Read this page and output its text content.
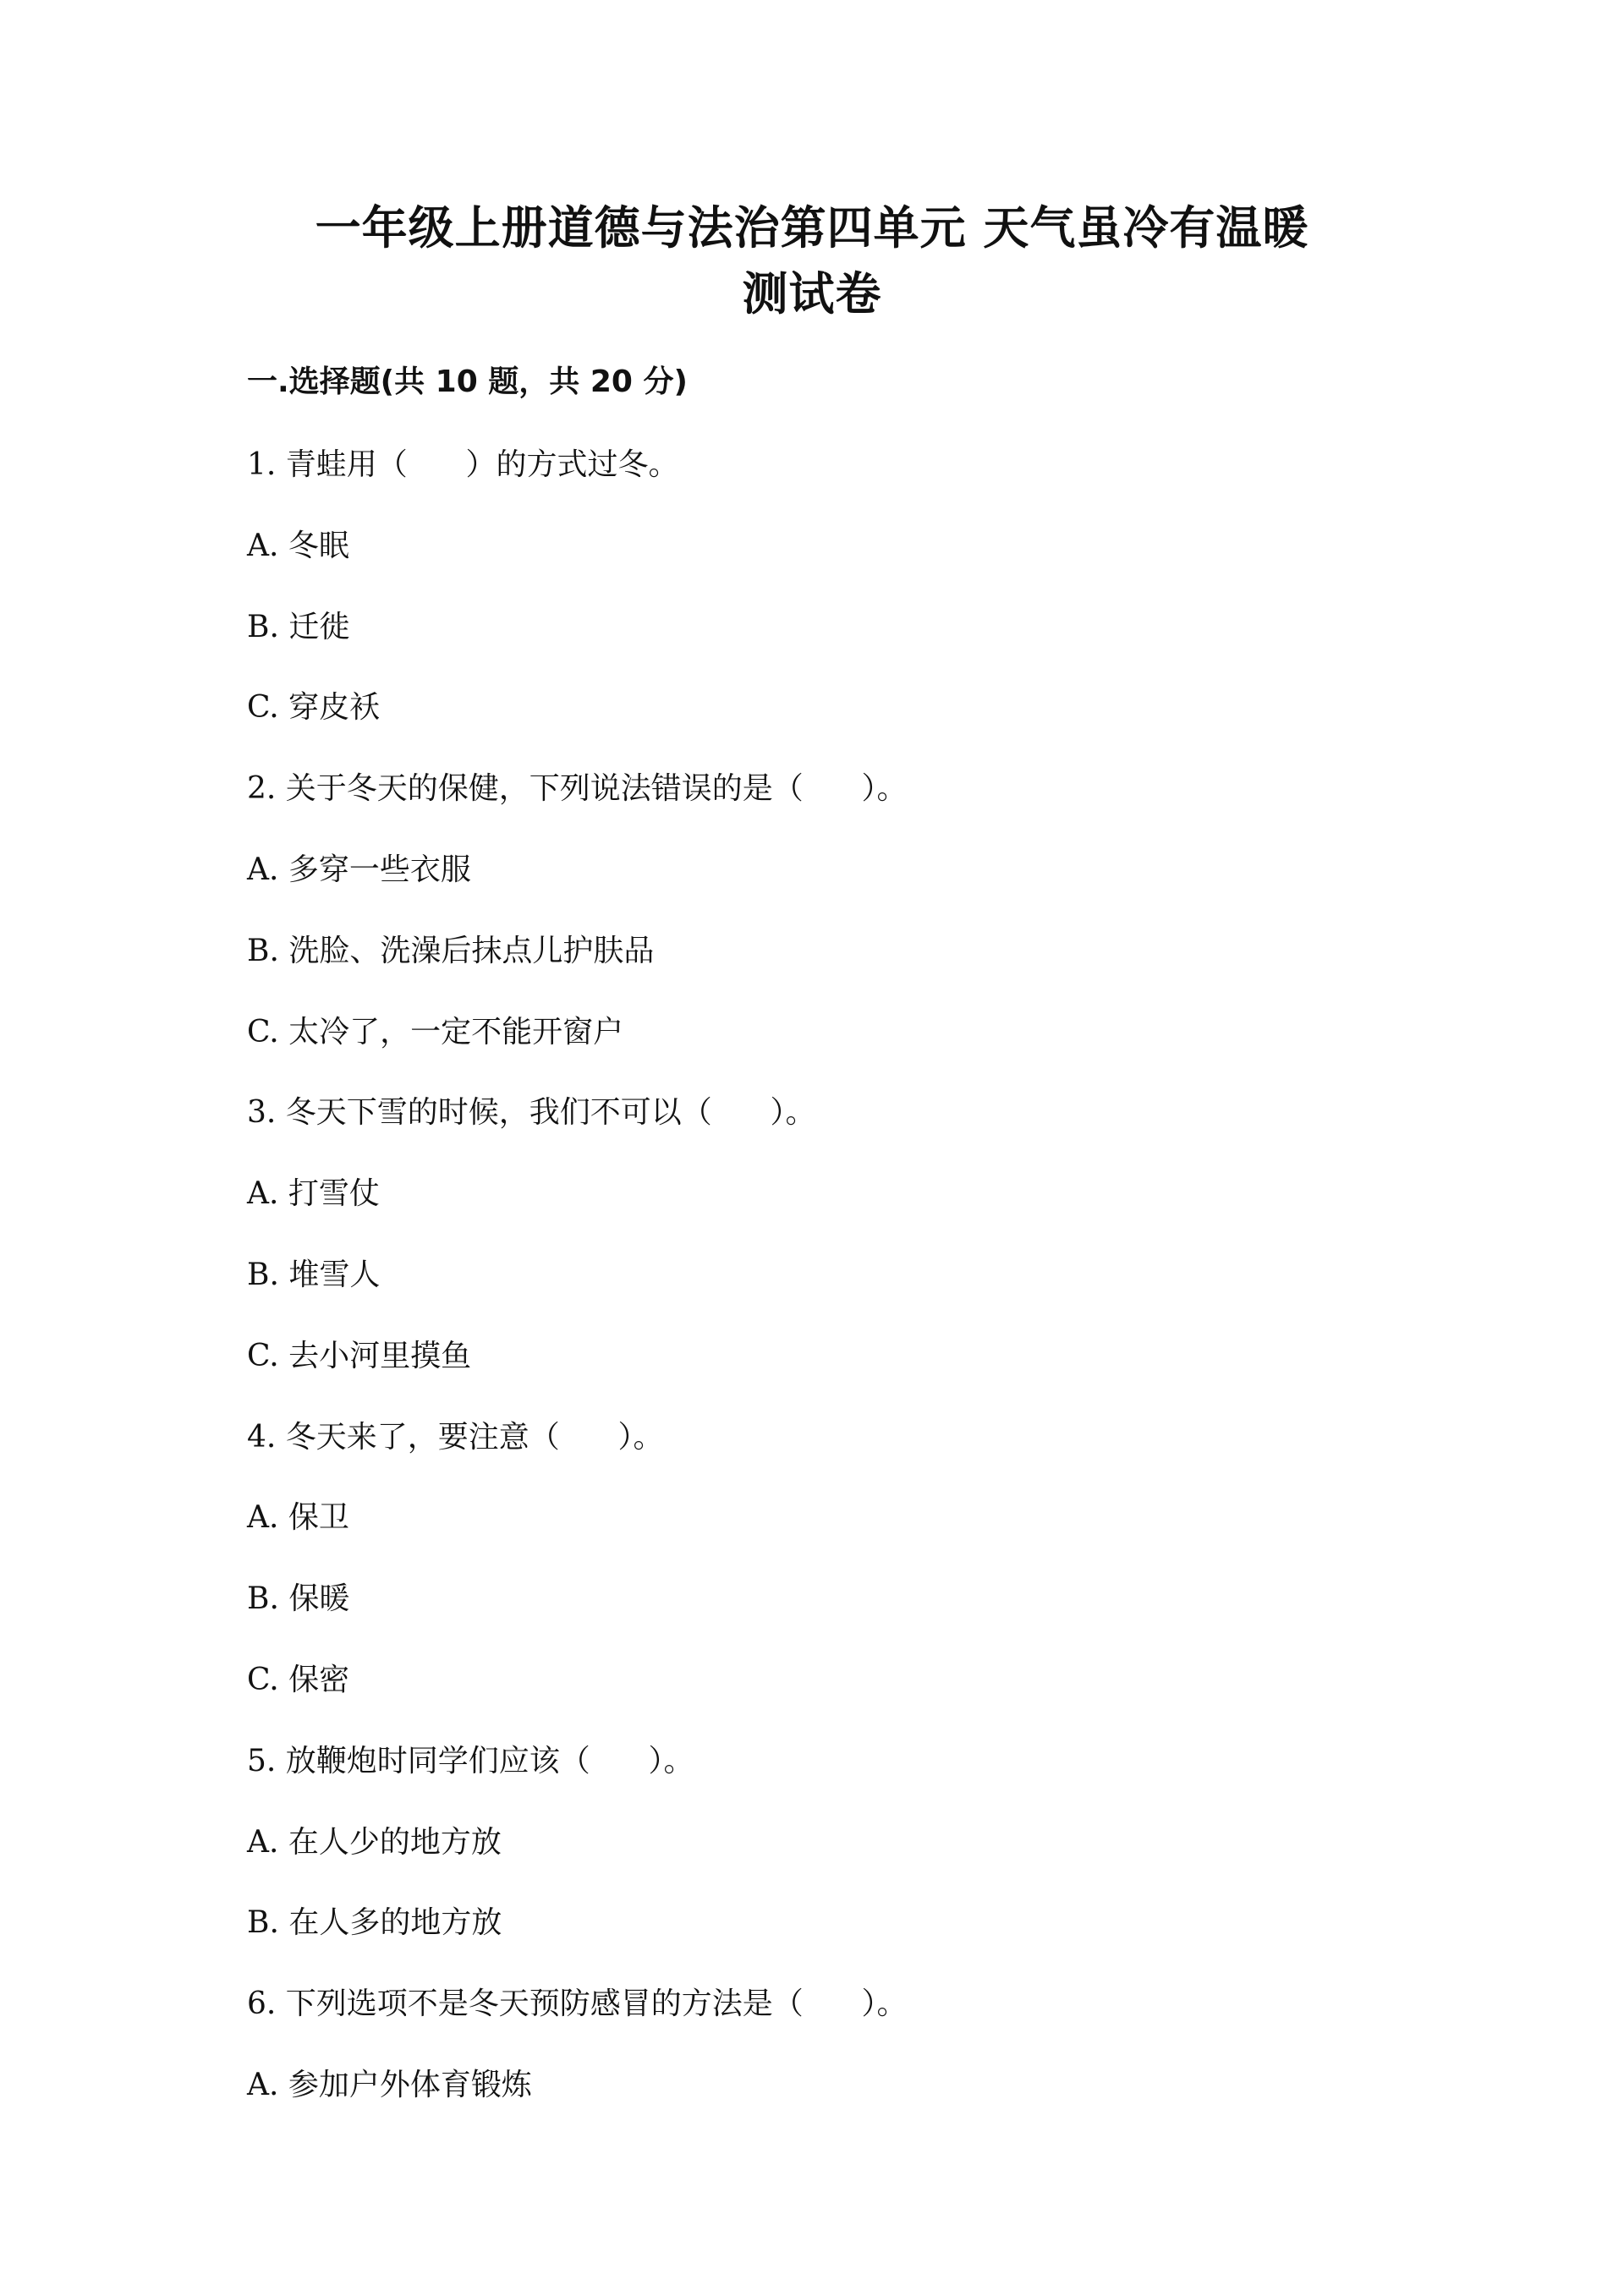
一年级上册道德与法治第四单元 天气虽冷有温暖
测试卷
一.选择题(共 10 题，共 20 分)
1. 青蛙用（      ）的方式过冬。
A. 冬眠
B. 迁徙
C. 穿皮袄
2. 关于冬天的保健，下列说法错误的是（      ）。
A. 多穿一些衣服
B. 洗脸、洗澡后抹点儿护肤品
C. 太冷了，一定不能开窗户
3. 冬天下雪的时候，我们不可以（      ）。
A. 打雪仗
B. 堆雪人
C. 去小河里摸鱼
4. 冬天来了，要注意（      ）。
A. 保卫
B. 保暖
C. 保密
5. 放鞭炮时同学们应该（      ）。
A. 在人少的地方放
B. 在人多的地方放
6. 下列选项不是冬天预防感冒的方法是（      ）。
A. 参加户外体育锻炼
